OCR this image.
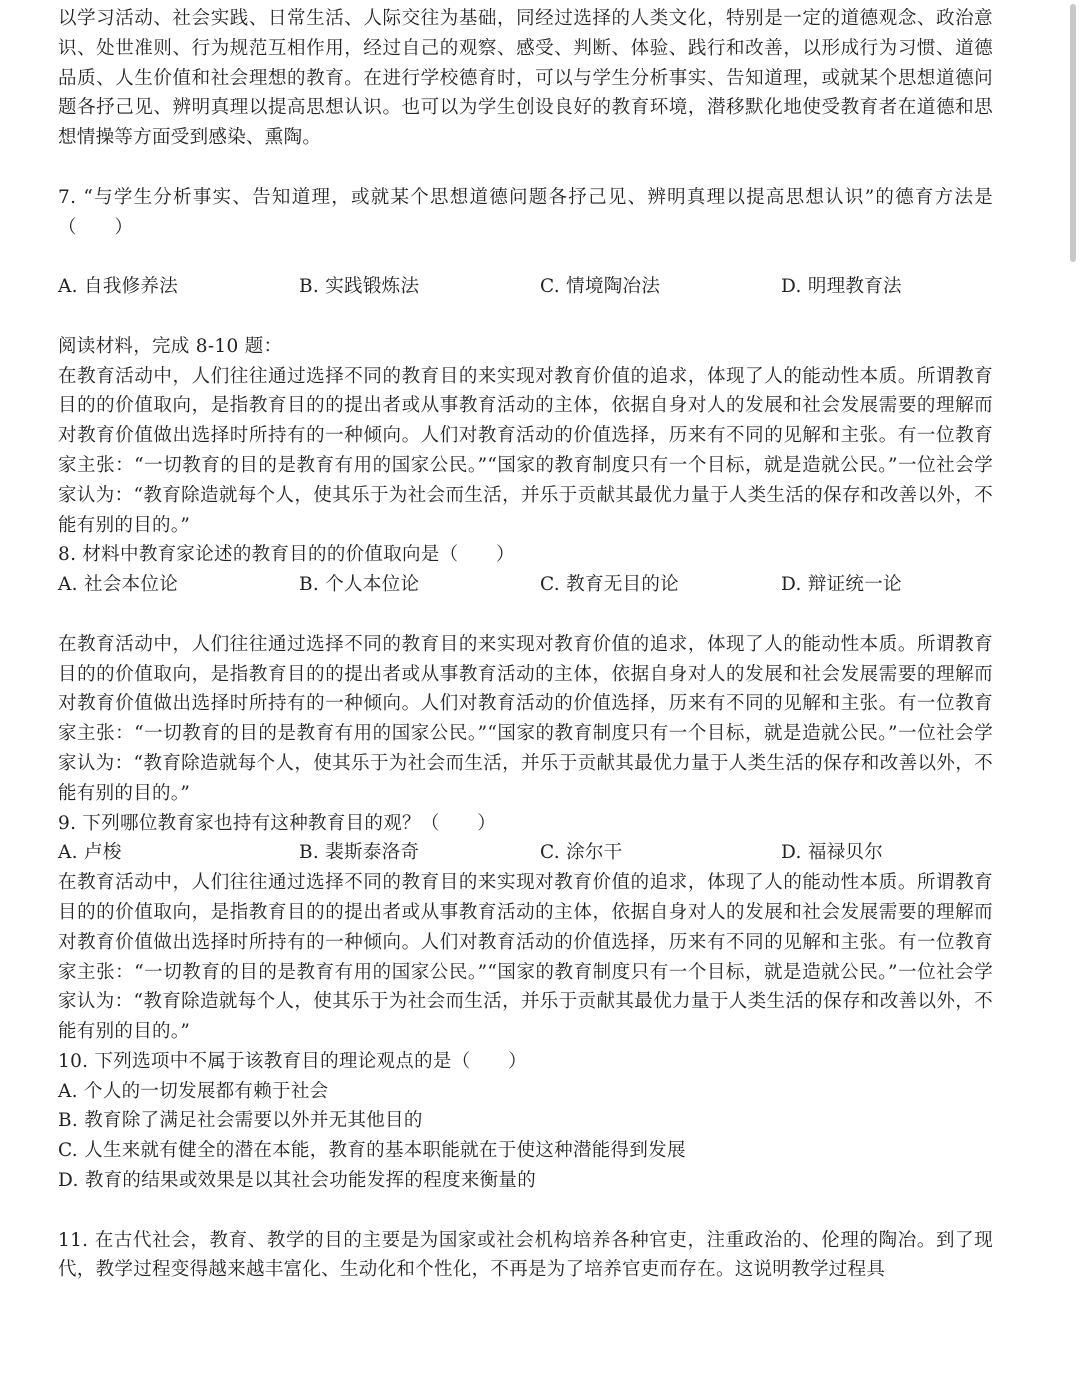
以学习活动、社会实践、日常生活、人际交往为基础，同经过选择的人类文化，特别是一定的道德观念、政治意识、处世准则、行为规范互相作用，经过自己的观察、感受、判断、体验、践行和改善，以形成行为习惯、道德品质、人生价值和社会理想的教育。在进行学校德育时，可以与学生分析事实、告知道理，或就某个思想道德问题各抒己见、辨明真理以提高思想认识。也可以为学生创设良好的教育环境，潜移默化地使受教育者在道德和思想情操等方面受到感染、熏陶。

7. “与学生分析事实、告知道理，或就某个思想道德问题各抒己见、辨明真理以提高思想认识”的德育方法是（　　）

A. 自我修养法	B. 实践锻炼法	C. 情境陶冶法	D. 明理教育法

阅读材料，完成 8-10 题：

在教育活动中，人们往往通过选择不同的教育目的来实现对教育价值的追求，体现了人的能动性本质。所谓教育目的的价值取向，是指教育目的的提出者或从事教育活动的主体，依据自身对人的发展和社会发展需要的理解而对教育价值做出选择时所持有的一种倾向。人们对教育活动的价值选择，历来有不同的见解和主张。有一位教育家主张：“一切教育的目的是教育有用的国家公民。”“国家的教育制度只有一个目标，就是造就公民。”一位社会学家认为：“教育除造就每个人，使其乐于为社会而生活，并乐于贡献其最优力量于人类生活的保存和改善以外，不能有别的目的。”

8. 材料中教育家论述的教育目的的价值取向是（　　）

A. 社会本位论	B. 个人本位论	C. 教育无目的论	D. 辩证统一论

在教育活动中，人们往往通过选择不同的教育目的来实现对教育价值的追求，体现了人的能动性本质。所谓教育目的的价值取向，是指教育目的的提出者或从事教育活动的主体，依据自身对人的发展和社会发展需要的理解而对教育价值做出选择时所持有的一种倾向。人们对教育活动的价值选择，历来有不同的见解和主张。有一位教育家主张：“一切教育的目的是教育有用的国家公民。”“国家的教育制度只有一个目标，就是造就公民。”一位社会学家认为：“教育除造就每个人，使其乐于为社会而生活，并乐于贡献其最优力量于人类生活的保存和改善以外，不能有别的目的。”

9. 下列哪位教育家也持有这种教育目的观？（　　）

A. 卢梭	B. 裴斯泰洛奇	C. 涂尔干	D. 福禄贝尔

在教育活动中，人们往往通过选择不同的教育目的来实现对教育价值的追求，体现了人的能动性本质。所谓教育目的的价值取向，是指教育目的的提出者或从事教育活动的主体，依据自身对人的发展和社会发展需要的理解而对教育价值做出选择时所持有的一种倾向。人们对教育活动的价值选择，历来有不同的见解和主张。有一位教育家主张：“一切教育的目的是教育有用的国家公民。”“国家的教育制度只有一个目标，就是造就公民。”一位社会学家认为：“教育除造就每个人，使其乐于为社会而生活，并乐于贡献其最优力量于人类生活的保存和改善以外，不能有别的目的。”

10. 下列选项中不属于该教育目的理论观点的是（　　）

A. 个人的一切发展都有赖于社会

B. 教育除了满足社会需要以外并无其他目的

C. 人生来就有健全的潜在本能，教育的基本职能就在于使这种潜能得到发展

D. 教育的结果或效果是以其社会功能发挥的程度来衡量的

11. 在古代社会，教育、教学的目的主要是为国家或社会机构培养各种官吏，注重政治的、伦理的陶冶。到了现代，教学过程变得越来越丰富化、生动化和个性化，不再是为了培养官吏而存在。这说明教学过程具
